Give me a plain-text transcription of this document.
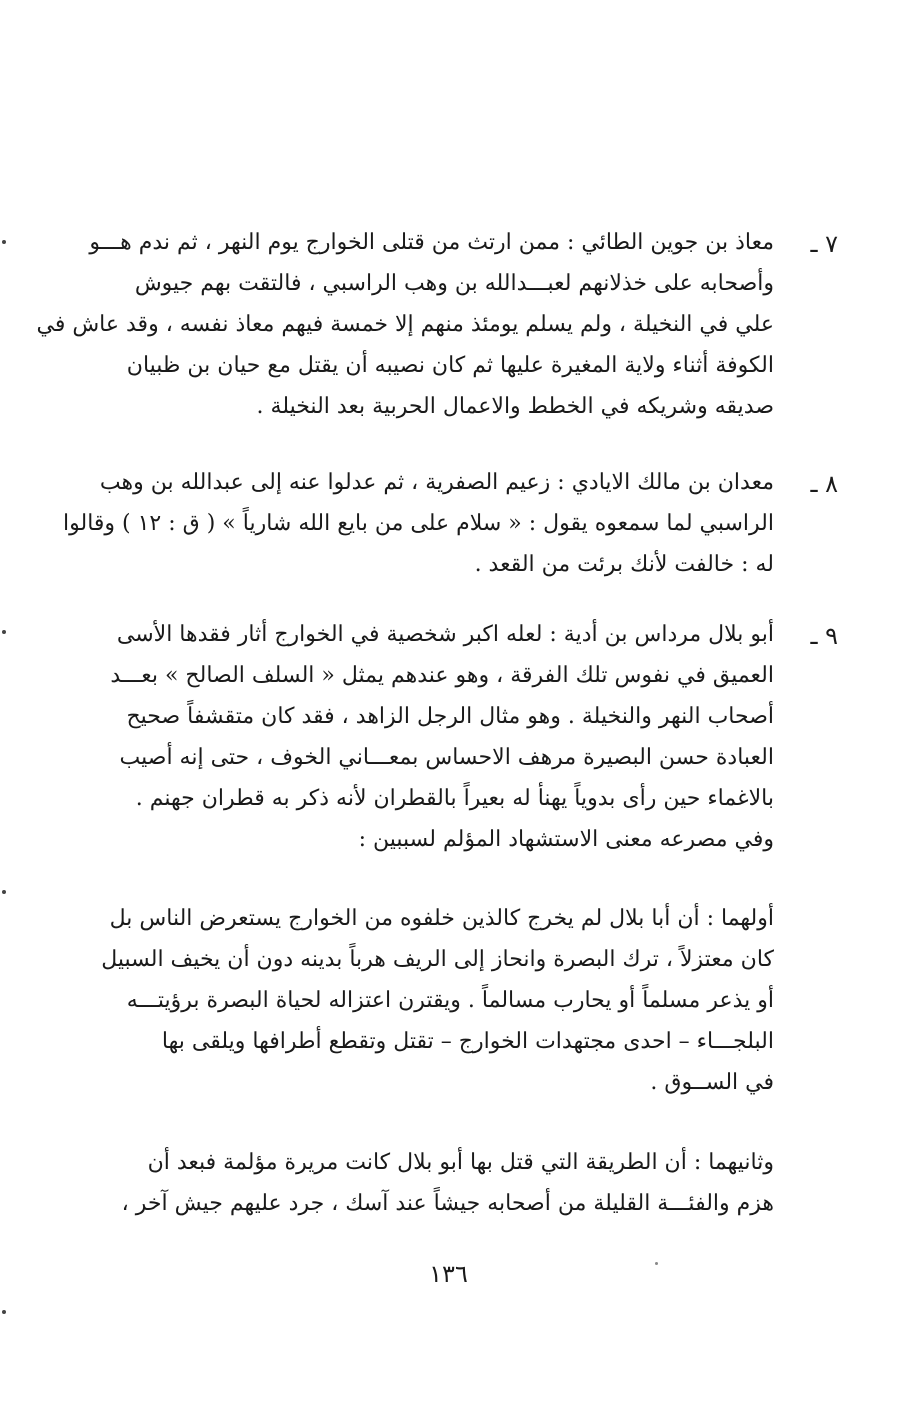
٧ ـ
معاذ بن جوين الطائي : ممن ارتث من قتلى الخوارج يوم النهر ، ثم ندم هـــو
وأصحابه على خذلانهم لعبـــدالله بن وهب الراسبي ، فالتقت بهم جيوش
علي في النخيلة ، ولم يسلم يومئذ منهم إلا خمسة فيهم معاذ نفسه ، وقد عاش في
الكوفة أثناء ولاية المغيرة عليها ثم كان نصيبه أن يقتل مع حيان بن ظبيان
صديقه وشريكه في الخطط والاعمال الحربية بعد النخيلة .
٨ ـ
معدان بن مالك الايادي : زعيم الصفرية ، ثم عدلوا عنه إلى عبدالله بن وهب
الراسبي لما سمعوه يقول : « سلام على من بايع الله شارياً » ( ق : ١٢ ) وقالوا
له : خالفت لأنك برئت من القعد .
٩ ـ
أبو بلال مرداس بن أدية : لعله اكبر شخصية في الخوارج أثار فقدها الأسى
العميق في نفوس تلك الفرقة ، وهو عندهم يمثل « السلف الصالح » بعـــد
أصحاب النهر والنخيلة . وهو مثال الرجل الزاهد ، فقد كان متقشفاً صحيح
العبادة حسن البصيرة مرهف الاحساس بمعـــاني الخوف ، حتى إنه أصيب
بالاغماء حين رأى بدوياً يهنأ له بعيراً بالقطران لأنه ذكر به قطران جهنم .
وفي مصرعه معنى الاستشهاد المؤلم لسببين :
أولهما : أن أبا بلال لم يخرج كالذين خلفوه من الخوارج يستعرض الناس بل
كان معتزلاً ، ترك البصرة وانحاز إلى الريف هرباً بدينه دون أن يخيف السبيل
أو يذعر مسلماً أو يحارب مسالماً . ويقترن اعتزاله لحياة البصرة برؤيتـــه
البلجـــاء – احدى مجتهدات الخوارج – تقتل وتقطع أطرافها ويلقى بها
في الســوق .
وثانيهما : أن الطريقة التي قتل بها أبو بلال كانت مريرة مؤلمة فبعد أن
هزم والفئـــة القليلة من أصحابه جيشاً عند آسك ، جرد عليهم جيش آخر ،
١٣٦
